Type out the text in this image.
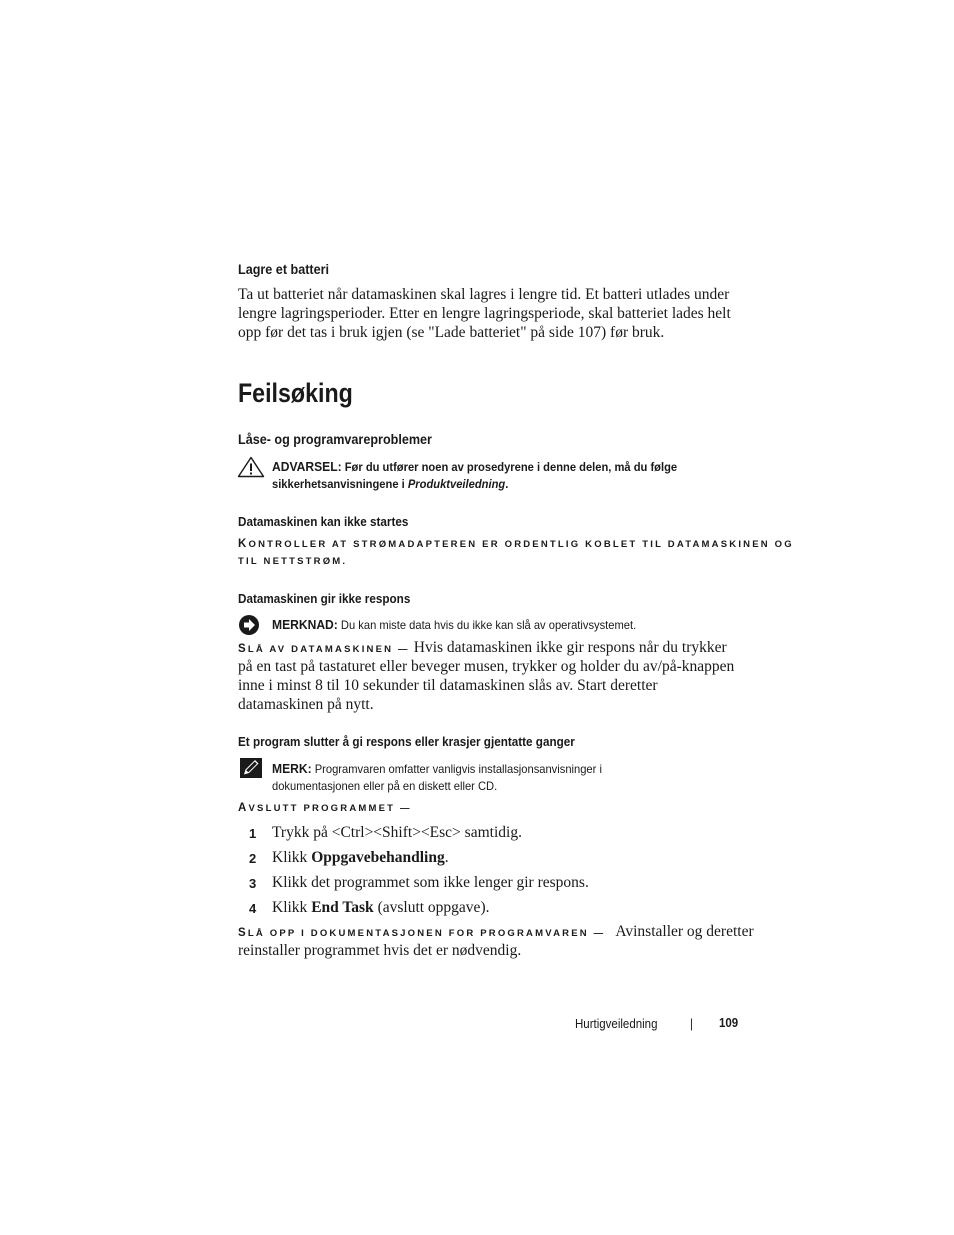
Lagre et batteri
Ta ut batteriet når datamaskinen skal lagres i lengre tid. Et batteri utlades under lengre lagringsperioder. Etter en lengre lagringsperiode, skal batteriet lades helt opp før det tas i bruk igjen (se "Lade batteriet" på side 107) før bruk.
Feilsøking
Låse- og programvareproblemer
ADVARSEL: Før du utfører noen av prosedyrene i denne delen, må du følge sikkerhetsanvisningene i Produktveiledning.
Datamaskinen kan ikke startes
KONTROLLER AT STRØMADAPTEREN ER ORDENTLIG KOBLET TIL DATAMASKINEN OG
TIL NETTSTRØM.
Datamaskinen gir ikke respons
MERKNAD: Du kan miste data hvis du ikke kan slå av operativsystemet.
SLÅ AV DATAMASKINEN — Hvis datamaskinen ikke gir respons når du trykker
på en tast på tastaturet eller beveger musen, trykker og holder du av/på-knappen inne i minst 8 til 10 sekunder til datamaskinen slås av. Start deretter datamaskinen på nytt.
Et program slutter å gi respons eller krasjer gjentatte ganger
MERK: Programvaren omfatter vanligvis installasjonsanvisninger i dokumentasjonen eller på en diskett eller CD.
AVSLUTT PROGRAMMET —
1 Trykk på <Ctrl><Shift><Esc> samtidig.
2 Klikk Oppgavebehandling.
3 Klikk det programmet som ikke lenger gir respons.
4 Klikk End Task (avslutt oppgave).
SLÅ OPP I DOKUMENTASJONEN FOR PROGRAMVAREN — Avinstaller og deretter
reinstaller programmet hvis det er nødvendig.
Hurtigveiledning	| 109
